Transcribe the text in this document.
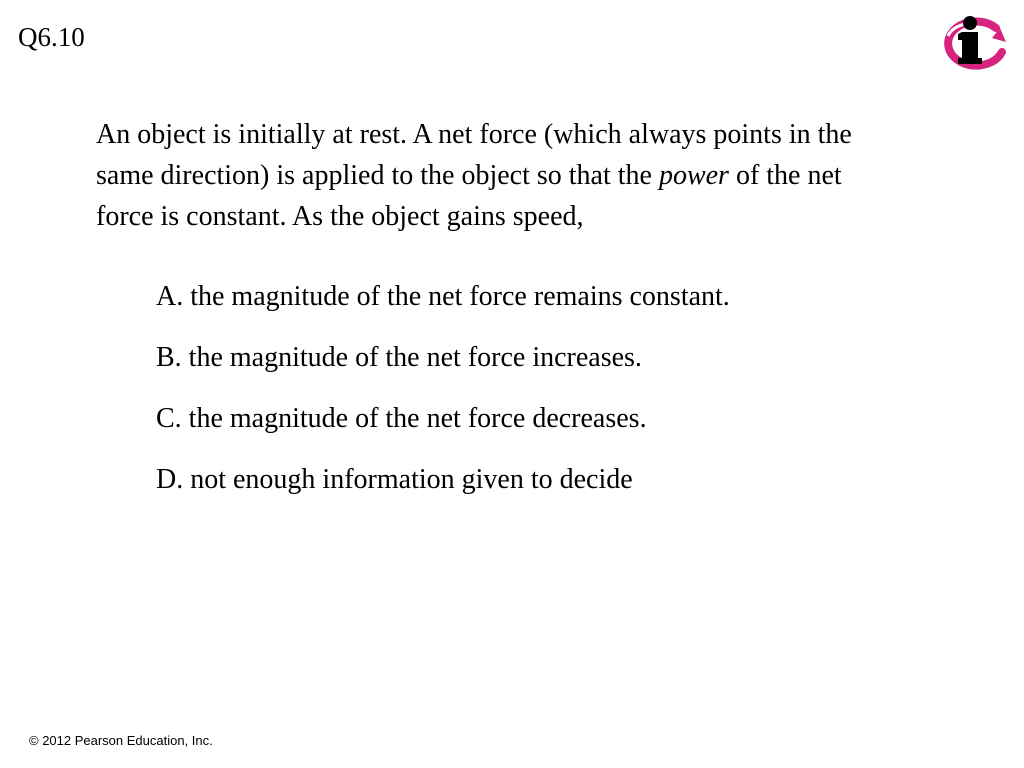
Q6.10

An object is initially at rest. A net force (which always points in the same direction) is applied to the object so that the power of the net force is constant. As the object gains speed,

A. the magnitude of the net force remains constant.
B. the magnitude of the net force increases.
C. the magnitude of the net force decreases.
D. not enough information given to decide
© 2012 Pearson Education, Inc.
